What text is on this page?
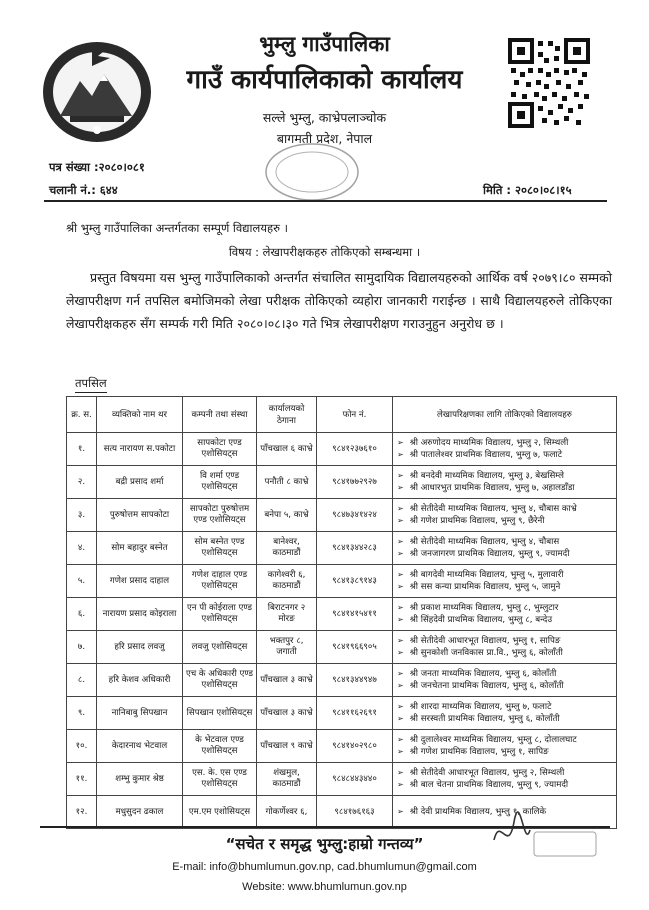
भुम्लु गाउँपालिका
गाउँ कार्यपालिकाको कार्यालय
सल्ले भुम्लु, काभ्रेपलाञ्चोक
बागमती प्रदेश, नेपाल
पत्र संख्या :२०८०।०८१
चलानी नं.: ६४४	मिति : २०८०।०८।१५
श्री भुम्लु गाउँपालिका अन्तर्गतका सम्पूर्ण विद्यालयहरु ।
विषय : लेखापरीक्षकहरु तोकिएको सम्बन्धमा ।
प्रस्तुत विषयमा यस भुम्लु गाउँपालिकाको अन्तर्गत संचालित सामुदायिक विद्यालयहरुको आर्थिक वर्ष २०७९।८० सम्मको लेखापरीक्षण गर्न तपसिल बमोजिमको लेखा परीक्षक तोकिएको व्यहोरा जानकारी गराईन्छ । साथै विद्यालयहरुले तोकिएका लेखापरीक्षकहरु सँग सम्पर्क गरी मिति २०८०।०८।३० गते भित्र लेखापरीक्षण गराउनुहुन अनुरोध छ ।
तपसिल
क्र. स.	व्यक्तिको नाम थर	कम्पनी तथा संस्था	कार्यालयको ठेगाना	फोन नं.	लेखापरिक्षणका लागि तोकिएको विद्यालयहरु
१.	सत्य नारायण स.पकोटा	सापकोटा एण्ड एशोसियट्स	पाँचखाल ६ काभ्रे	९८४१२३७६१०	➢ श्री अरुणोदय माध्यमिक विद्यालय, भुम्लु २, सिम्थली
➢ श्री पातालेश्वर प्राथमिक विद्यालय, भुम्लु ७, फलाटे

२.	बद्री प्रसाद शर्मा	वि शर्मा एण्ड एशोसियट्स	पनौती ८ काभ्रे	९८४१७७२९२७	➢ श्री बनदेवी माध्यमिक विद्यालय, भुम्लु ३, बेखसिम्ले
➢ श्री आधारभुत प्राथमिक विद्यालय, भुम्लु ७, अहालडाँडा

३.	पुरुषोत्तम सापकोटा	सापकोटा पुरुषोत्तम एण्ड एशोसियट्स	बनेपा ५, काभ्रे	९८४७३४१४२४	➢ श्री सेतीदेवी माध्यमिक विद्यालय, भुम्लु ४, चौबास काभ्रे
➢ श्री गणेश प्राथमिक विद्यालय, भुम्लु ९, छैरेनी

४.	सोम बहादुर बस्नेत	सोम बस्नेत एण्ड एशोसियट्स	बानेश्वर, काठमाडौं	९८४१३४४२८३	➢ श्री सेतीदेवी माध्यमिक विद्यालय, भुम्लु ४, चौबास
➢ श्री जनजागरण प्राथमिक विद्यालय, भुम्लु ९, ज्यामदी

५.	गणेश प्रसाद दाहाल	गणेश दाहाल एण्ड एशोसियट्स	कागेश्वरी ६, काठमाडौं	९८४१३८९१४३	➢ श्री बागदेवी माध्यमिक विद्यालय, भुम्लु ५, मुलावारी
➢ श्री सस कन्या प्राथमिक विद्यालय, भुम्लु ५, जामुने

६.	नारायण प्रसाद कोइराला	एन पी कोईराला एण्ड एशोसियट्स	बिराटनगर २ मोरङ	९८४१४१५४११	➢ श्री प्रकाश माध्यमिक विद्यालय, भुम्लु ८, भुम्लुटार
➢ श्री सिंहदेवी प्राथमिक विद्यालय, भुम्लु ८, बन्देउ

७.	हरि प्रसाद लवजु	लवजु एशोसियट्स	भक्तपुर ८, जगाती	९८४१९६६९०५	➢ श्री सेतीदेवी आधारभूत विद्यालय, भुम्लु १, सापिङ
➢ श्री सुनकोशी जनविकास प्रा.वि., भुम्लु ६, कोलाँती

८.	हरि केशव अधिकारी	एच के अधिकारी एण्ड एशोसियट्स	पाँचखाल ३ काभ्रे	९८४१३४४९४७	➢ श्री जनता माध्यमिक विद्यालय, भुम्लु ६, कोलाँती
➢ श्री जनचेतना प्राथमिक विद्यालय, भुम्लु ६, कोलाँती

९.	नानिबाबु सिपखान	सिपखान एशोसियट्स	पाँचखाल ३ काभ्रे	९८४११६२६९१	➢ श्री शारदा माध्यमिक विद्यालय, भुम्लु ७, फलाटे
➢ श्री सरस्वती प्राथमिक विद्यालय, भुम्लु ६, कोलाँती

१०.	केदारनाथ भेटवाल	के भेटवाल एण्ड एशोसियट्स	पाँचखाल ९ काभ्रे	९८४१४०२९८०	➢ श्री दुलालेश्वर माध्यमिक विद्यालय, भुम्लु ८, दोलालघाट
➢ श्री गणेश प्राथमिक विद्यालय, भुम्लु १, सापिङ

११.	शम्भु कुमार श्रेष्ठ	एस. के. एस एण्ड एशोसियट्स	शंखमुल, काठमाडौं	९८४८४४३४४०	➢ श्री सेतीदेवी आधारभूत विद्यालय, भुम्लु २, सिम्थली
➢ श्री बाल चेतना प्राथमिक विद्यालय, भुम्लु ९, ज्यामदी

१२.	मधुसुदन ढकाल	एम.एम एशोसियट्स	गोकर्णेश्वर ६,	९८४१७६१६३	➢ श्री देवी प्राथमिक विद्यालय, भुम्लु १, कालिके
“सचेत र समृद्ध भुम्लु:हाम्रो गन्तव्य”
E-mail: info@bhumlumun.gov.np, cad.bhumlumun@gmail.com
Website: www.bhumlumun.gov.np
